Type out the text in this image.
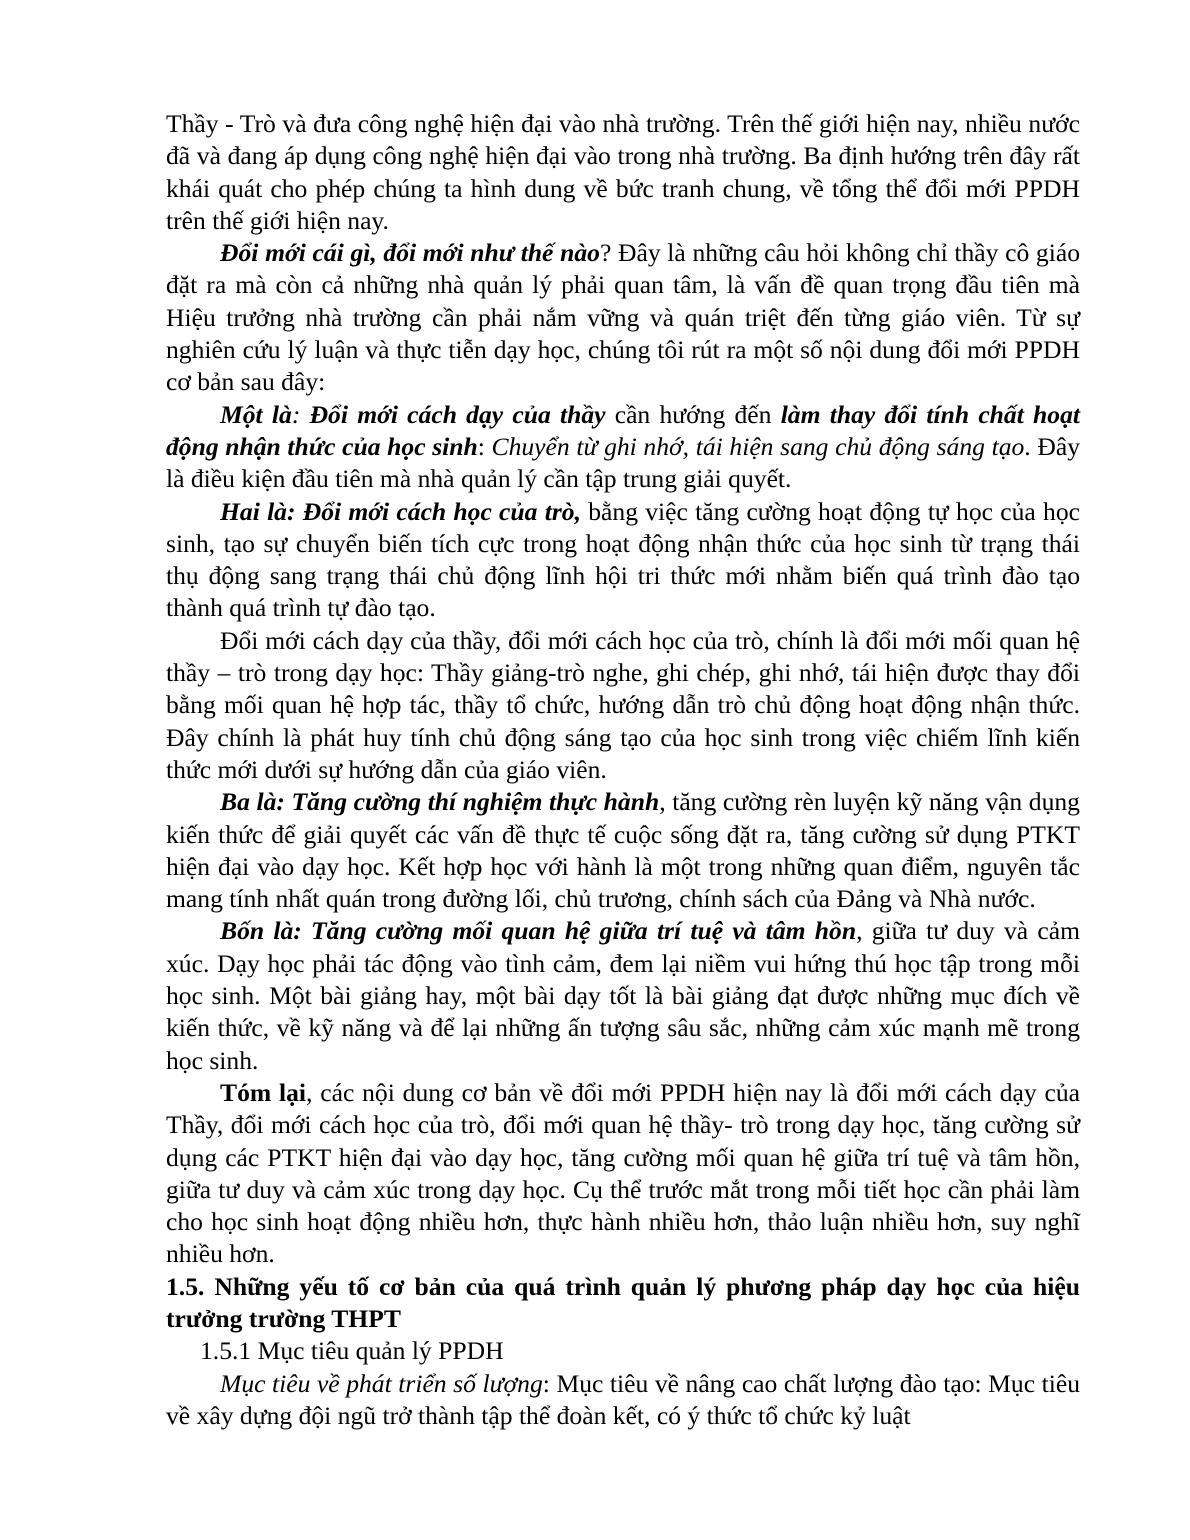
Thầy - Trò và đưa công nghệ hiện đại vào nhà trường. Trên thế giới hiện nay, nhiều nước đã và đang áp dụng công nghệ hiện đại vào trong nhà trường. Ba định hướng trên đây rất khái quát cho phép chúng ta hình dung về bức tranh chung, về tổng thể đổi mới PPDH trên thế giới hiện nay.

Đổi mới cái gì, đổi mới như thế nào? Đây là những câu hỏi không chỉ thầy cô giáo đặt ra mà còn cả những nhà quản lý phải quan tâm, là vấn đề quan trọng đầu tiên mà Hiệu trưởng nhà trường cần phải nắm vững và quán triệt đến từng giáo viên. Từ sự nghiên cứu lý luận và thực tiễn dạy học, chúng tôi rút ra một số nội dung đổi mới PPDH cơ bản sau đây:

Một là: Đổi mới cách dạy của thầy cần hướng đến làm thay đổi tính chất hoạt động nhận thức của học sinh: Chuyển từ ghi nhớ, tái hiện sang chủ động sáng tạo. Đây là điều kiện đầu tiên mà nhà quản lý cần tập trung giải quyết.

Hai là: Đổi mới cách học của trò, bằng việc tăng cường hoạt động tự học của học sinh, tạo sự chuyển biến tích cực trong hoạt động nhận thức của học sinh từ trạng thái thụ động sang trạng thái chủ động lĩnh hội tri thức mới nhằm biến quá trình đào tạo thành quá trình tự đào tạo.

Đổi mới cách dạy của thầy, đổi mới cách học của trò, chính là đổi mới mối quan hệ thầy – trò trong dạy học: Thầy giảng-trò nghe, ghi chép, ghi nhớ, tái hiện được thay đổi bằng mối quan hệ hợp tác, thầy tổ chức, hướng dẫn trò chủ động hoạt động nhận thức. Đây chính là phát huy tính chủ động sáng tạo của học sinh trong việc chiếm lĩnh kiến thức mới dưới sự hướng dẫn của giáo viên.

Ba là: Tăng cường thí nghiệm thực hành, tăng cường rèn luyện kỹ năng vận dụng kiến thức để giải quyết các vấn đề thực tế cuộc sống đặt ra, tăng cường sử dụng PTKT hiện đại vào dạy học. Kết hợp học với hành là một trong những quan điểm, nguyên tắc mang tính nhất quán trong đường lối, chủ trương, chính sách của Đảng và Nhà nước.

Bốn là: Tăng cường mối quan hệ giữa trí tuệ và tâm hồn, giữa tư duy và cảm xúc. Dạy học phải tác động vào tình cảm, đem lại niềm vui hứng thú học tập trong mỗi học sinh. Một bài giảng hay, một bài dạy tốt là bài giảng đạt được những mục đích về kiến thức, về kỹ năng và để lại những ấn tượng sâu sắc, những cảm xúc mạnh mẽ trong học sinh.

Tóm lại, các nội dung cơ bản về đổi mới PPDH hiện nay là đổi mới cách dạy của Thầy, đổi mới cách học của trò, đổi mới quan hệ thầy- trò trong dạy học, tăng cường sử dụng các PTKT hiện đại vào dạy học, tăng cường mối quan hệ giữa trí tuệ và tâm hồn, giữa tư duy và cảm xúc trong dạy học. Cụ thể trước mắt trong mỗi tiết học cần phải làm cho học sinh hoạt động nhiều hơn, thực hành nhiều hơn, thảo luận nhiều hơn, suy nghĩ nhiều hơn.

1.5. Những yếu tố cơ bản của quá trình quản lý phương pháp dạy học của hiệu trưởng trường THPT

1.5.1 Mục tiêu quản lý PPDH

Mục tiêu về phát triển số lượng: Mục tiêu về nâng cao chất lượng đào tạo: Mục tiêu về xây dựng đội ngũ trở thành tập thể đoàn kết, có ý thức tổ chức kỷ luật
